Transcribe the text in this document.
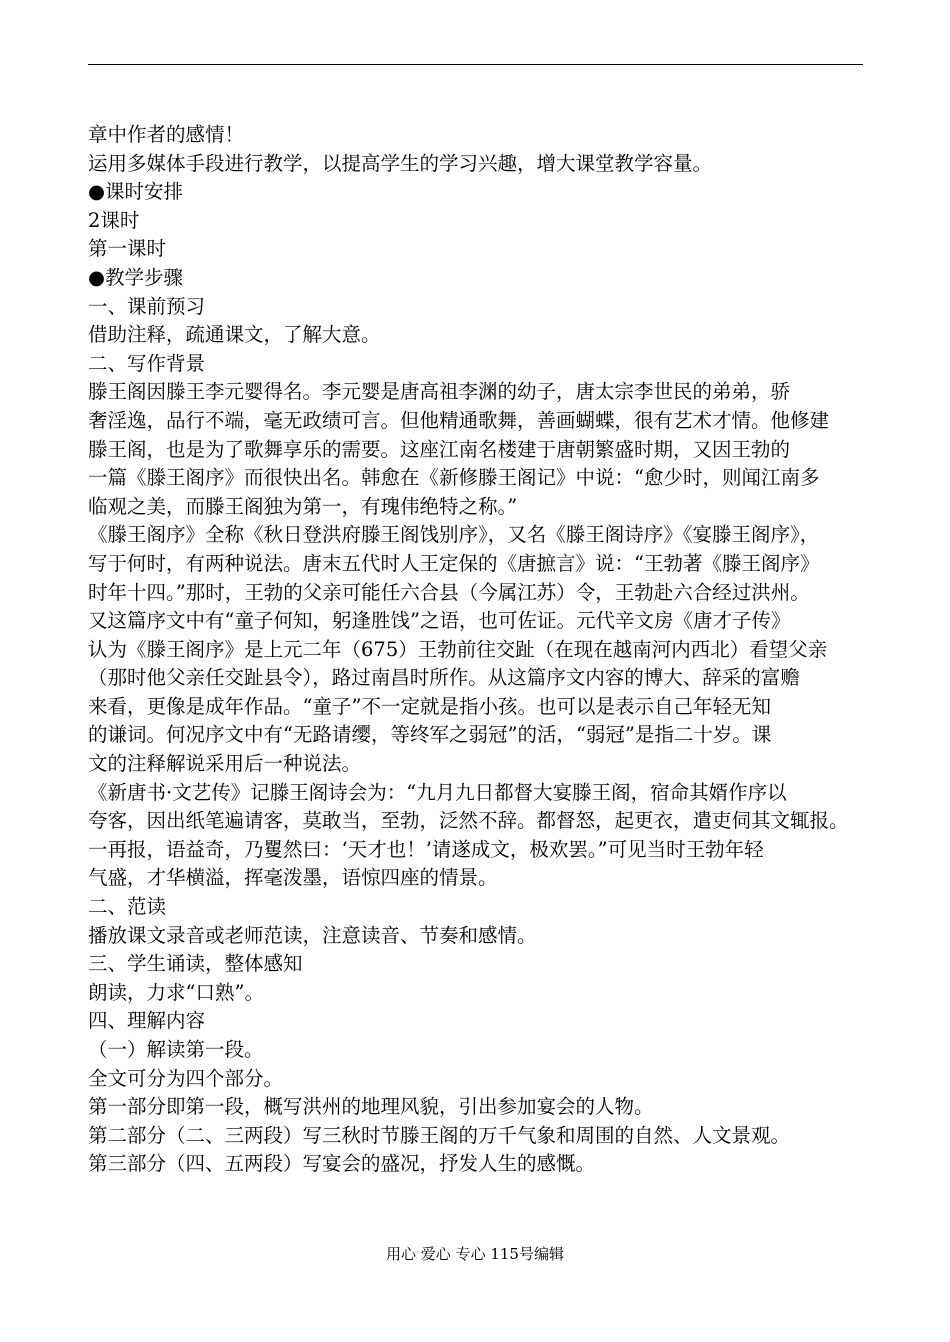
章中作者的感情！

运用多媒体手段进行教学，以提高学生的学习兴趣，增大课堂教学容量。

●课时安排

2课时

第一课时

●教学步骤

一、课前预习

借助注释，疏通课文，了解大意。

二、写作背景

滕王阁因滕王李元婴得名。李元婴是唐高祖李渊的幼子，唐太宗李世民的弟弟，骄

奢淫逸，品行不端，毫无政绩可言。但他精通歌舞，善画蝴蝶，很有艺术才情。他修建

滕王阁，也是为了歌舞享乐的需要。这座江南名楼建于唐朝繁盛时期，又因王勃的

一篇《滕王阁序》而很快出名。韩愈在《新修滕王阁记》中说：“愈少时，则闻江南多

临观之美，而滕王阁独为第一，有瑰伟绝特之称。”

《滕王阁序》全称《秋日登洪府滕王阁饯别序》，又名《滕王阁诗序》《宴滕王阁序》，

写于何时，有两种说法。唐末五代时人王定保的《唐摭言》说：“王勃著《滕王阁序》

时年十四。”那时，王勃的父亲可能任六合县（今属江苏）令，王勃赴六合经过洪州。

又这篇序文中有“童子何知，躬逢胜饯”之语，也可佐证。元代辛文房《唐才子传》

认为《滕王阁序》是上元二年（675）王勃前往交趾（在现在越南河内西北）看望父亲

（那时他父亲任交趾县令），路过南昌时所作。从这篇序文内容的博大、辞采的富赡

来看，更像是成年作品。“童子”不一定就是指小孩。也可以是表示自己年轻无知

的谦词。何况序文中有“无路请缨，等终军之弱冠”的活，“弱冠”是指二十岁。课

文的注释解说采用后一种说法。

《新唐书·文艺传》记滕王阁诗会为：“九月九日都督大宴滕王阁，宿命其婿作序以

夸客，因出纸笔遍请客，莫敢当，至勃，泛然不辞。都督怒，起更衣，遣吏伺其文辄报。

一再报，语益奇，乃矍然曰：‘天才也！’请遂成文，极欢罢。”可见当时王勃年轻

气盛，才华横溢，挥毫泼墨，语惊四座的情景。

二、范读

播放课文录音或老师范读，注意读音、节奏和感情。

三、学生诵读，整体感知

朗读，力求“口熟”。

四、理解内容

（一）解读第一段。

全文可分为四个部分。

第一部分即第一段，概写洪州的地理风貌，引出参加宴会的人物。

第二部分（二、三两段）写三秋时节滕王阁的万千气象和周围的自然、人文景观。

第三部分（四、五两段）写宴会的盛况，抒发人生的感慨。

用心 爱心 专心 115号编辑
